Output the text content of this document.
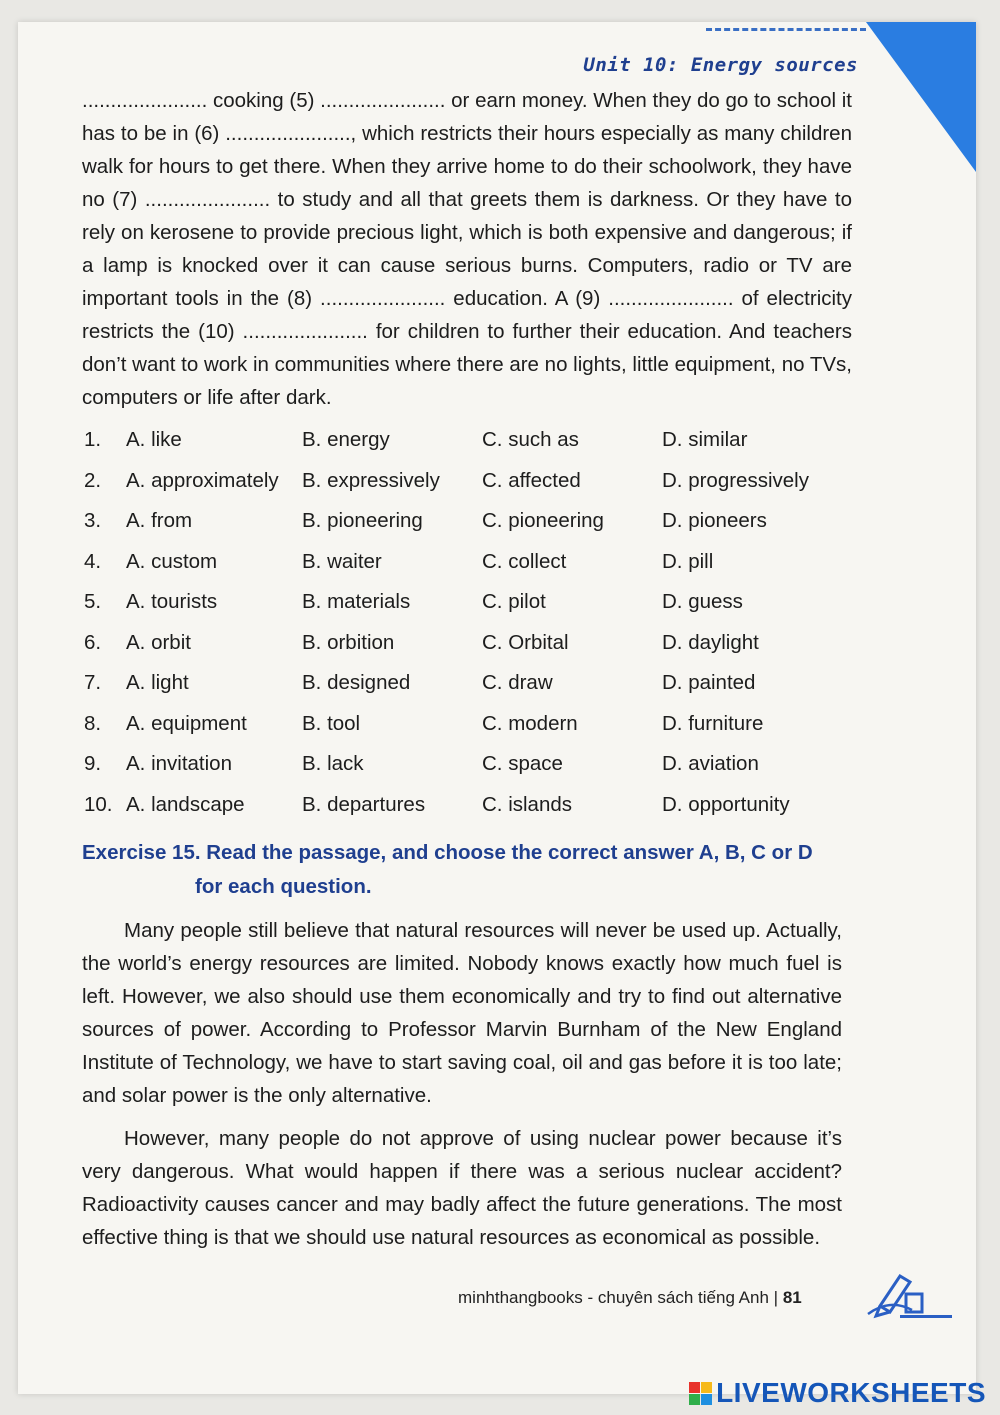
Unit 10: Energy sources

...................... cooking (5) ...................... or earn money. When they do go to school it has to be in (6) ......................, which restricts their hours especially as many children walk for hours to get there. When they arrive home to do their schoolwork, they have no (7) ...................... to study and all that greets them is darkness. Or they have to rely on kerosene to provide precious light, which is both expensive and dangerous; if a lamp is knocked over it can cause serious burns. Computers, radio or TV are important tools in the (8) ...................... education. A (9) ...................... of electricity restricts the (10) ...................... for children to further their education. And teachers don’t want to work in communities where there are no lights, little equipment, no TVs, computers or life after dark.

1.	A. like	B. energy	C. such as	D. similar
2.	A. approximately	B. expressively	C. affected	D. progressively
3.	A. from	B. pioneering	C. pioneering	D. pioneers
4.	A. custom	B. waiter	C. collect	D. pill
5.	A. tourists	B. materials	C. pilot	D. guess
6.	A. orbit	B. orbition	C. Orbital	D. daylight
7.	A. light	B. designed	C. draw	D. painted
8.	A. equipment	B. tool	C. modern	D. furniture
9.	A. invitation	B. lack	C. space	D. aviation
10. A. landscape	B. departures	C. islands	D. opportunity
Exercise 15. Read the passage, and choose the correct answer A, B, C or D
for each question.

Many people still believe that natural resources will never be used up. Actually, the world’s energy resources are limited. Nobody knows exactly how much fuel is left. However, we also should use them economically and try to find out alternative sources of power. According to Professor Marvin Burnham of the New England Institute of Technology, we have to start saving coal, oil and gas before it is too late; and solar power is the only alternative.

However, many people do not approve of using nuclear power because it’s very dangerous. What would happen if there was a serious nuclear accident? Radioactivity causes cancer and may badly affect the future generations. The most effective thing is that we should use natural resources as economical as possible.

minhthangbooks - chuyên sách tiếng Anh | 81
LIVEWORKSHEETS
